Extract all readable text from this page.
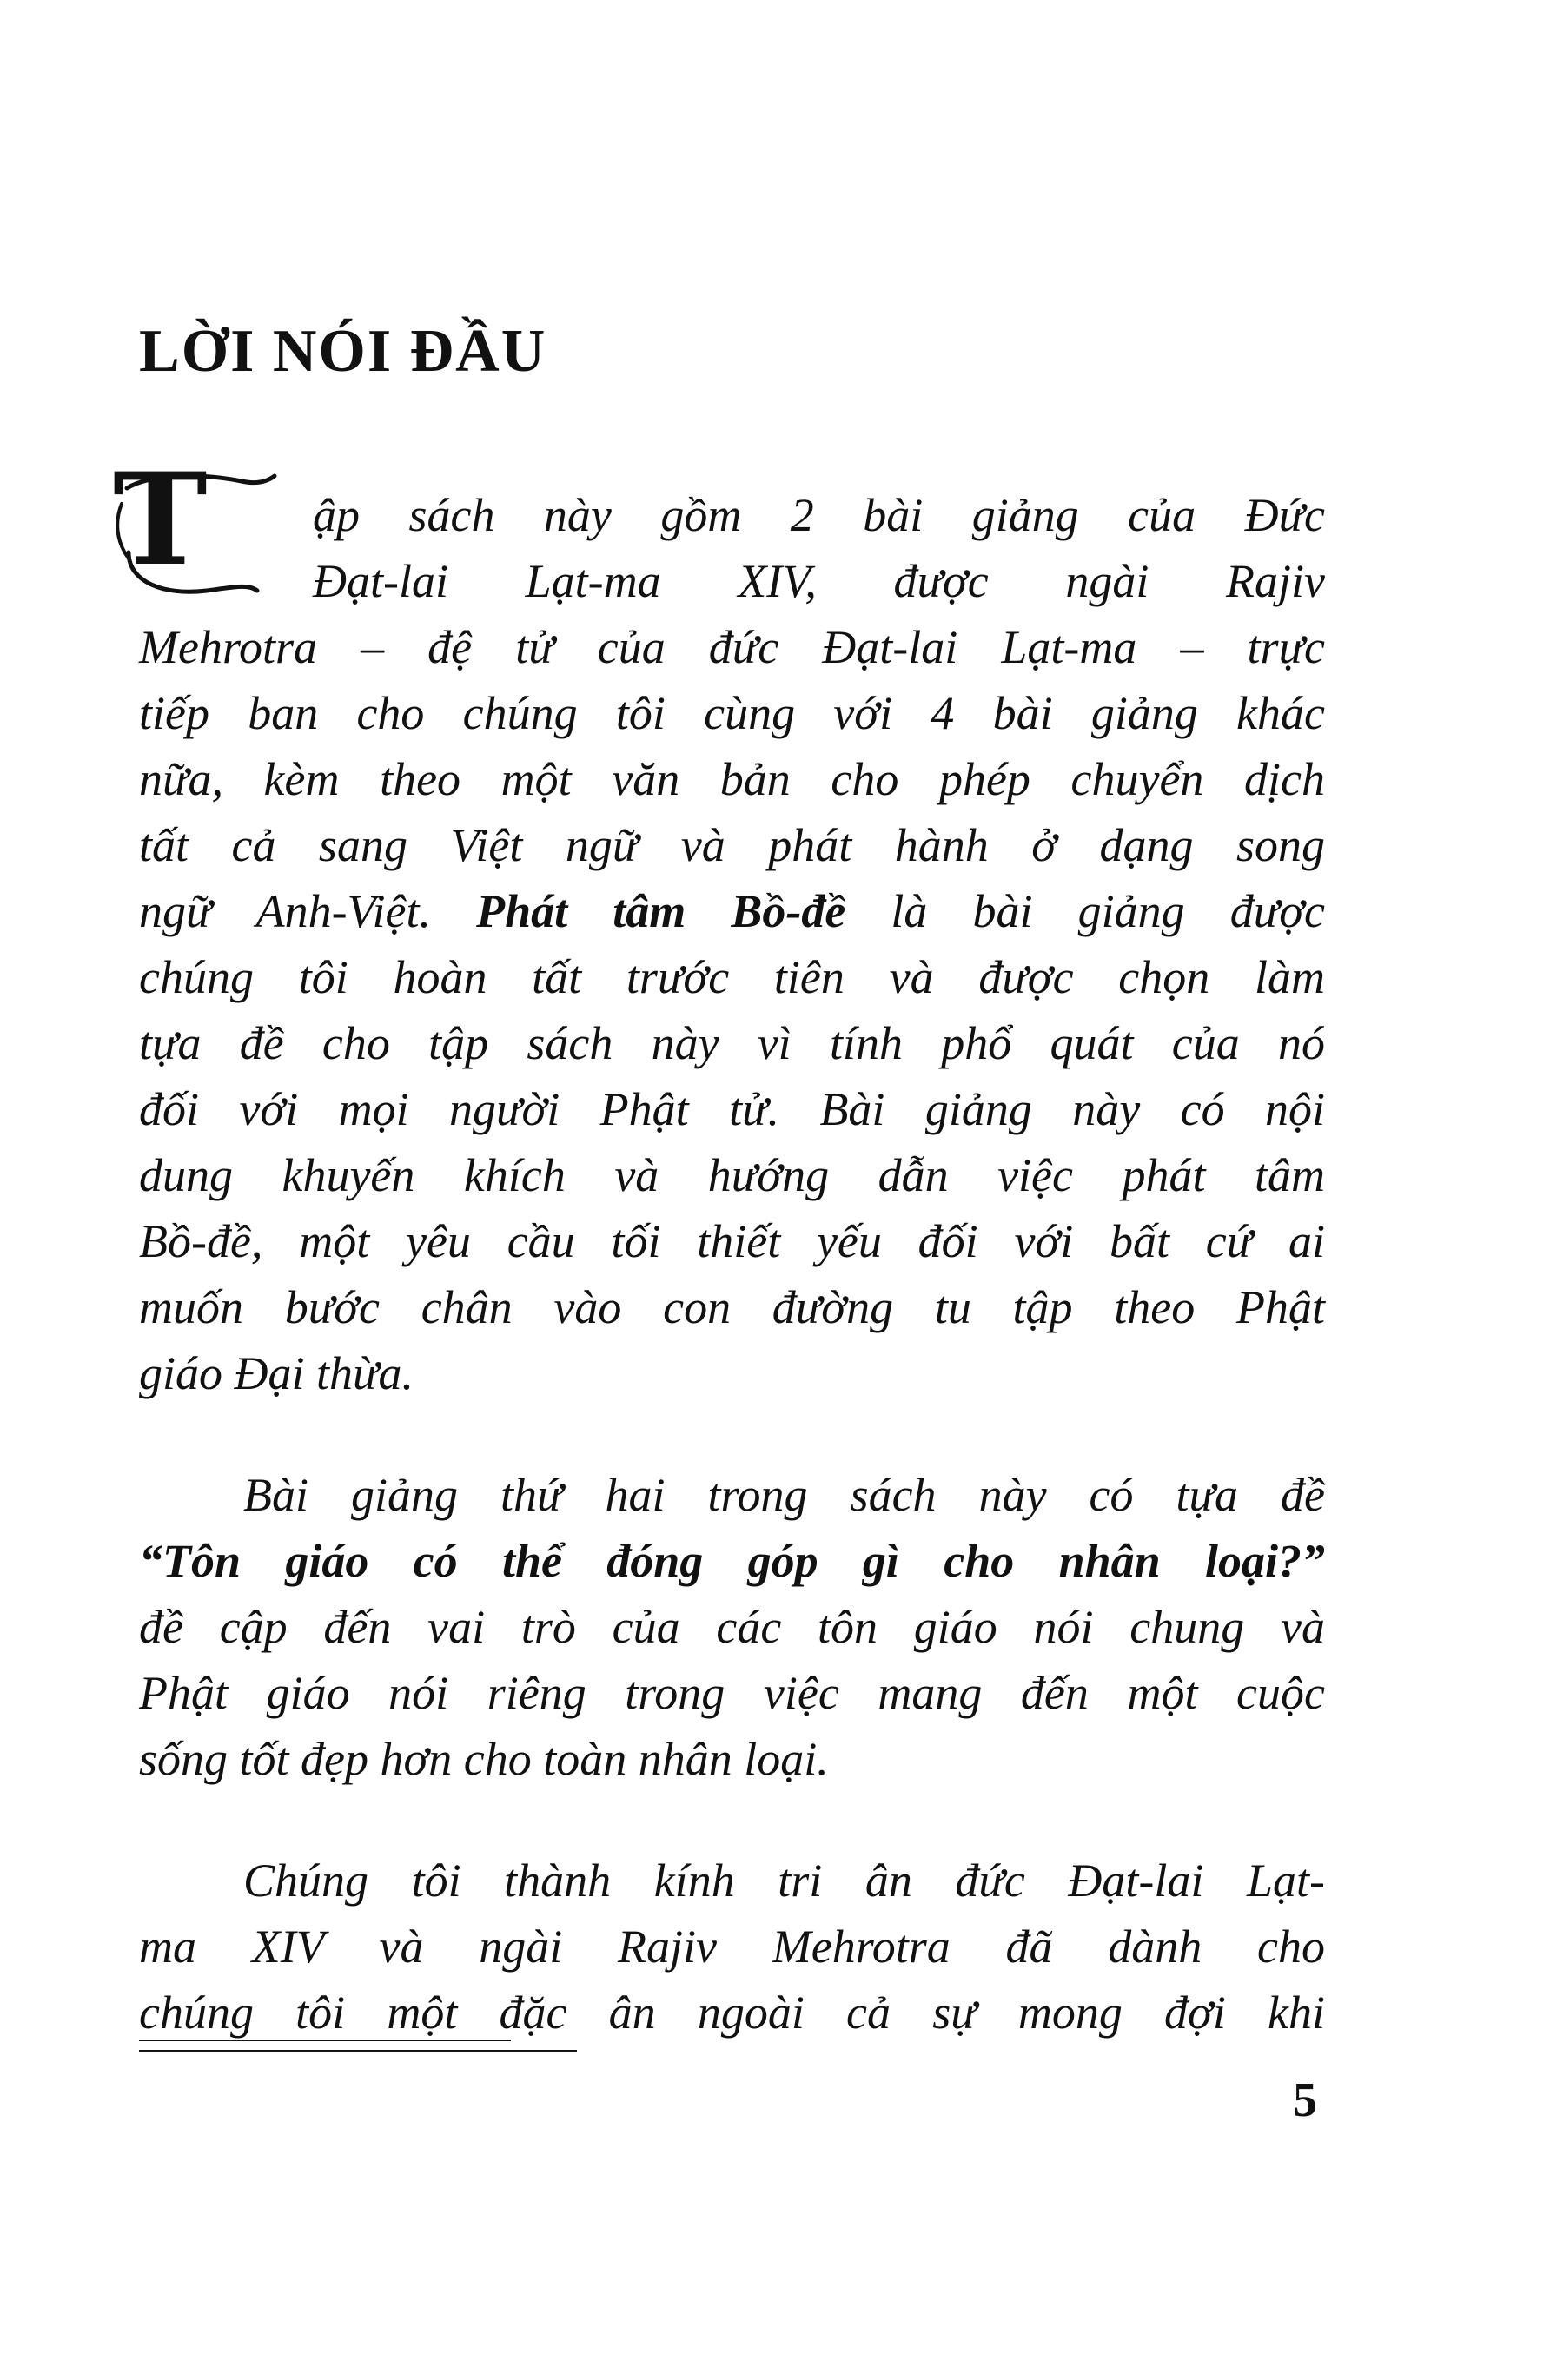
LỜI NÓI ĐẦU
T ập sách này gồm 2 bài giảng của Đức
Đạt-lai Lạt-ma XIV, được ngài Rajiv
Mehrotra – đệ tử của đức Đạt-lai Lạt-ma – trực
tiếp ban cho chúng tôi cùng với 4 bài giảng khác
nữa, kèm theo một văn bản cho phép chuyển dịch
tất cả sang Việt ngữ và phát hành ở dạng song
ngữ Anh-Việt. Phát tâm Bồ-đề là bài giảng được
chúng tôi hoàn tất trước tiên và được chọn làm
tựa đề cho tập sách này vì tính phổ quát của nó
đối với mọi người Phật tử. Bài giảng này có nội
dung khuyến khích và hướng dẫn việc phát tâm
Bồ-đề, một yêu cầu tối thiết yếu đối với bất cứ ai
muốn bước chân vào con đường tu tập theo Phật
giáo Đại thừa.
Bài giảng thứ hai trong sách này có tựa đề
“Tôn giáo có thể đóng góp gì cho nhân loại?”
đề cập đến vai trò của các tôn giáo nói chung và
Phật giáo nói riêng trong việc mang đến một cuộc
sống tốt đẹp hơn cho toàn nhân loại.
Chúng tôi thành kính tri ân đức Đạt-lai Lạt-
ma XIV và ngài Rajiv Mehrotra đã dành cho
chúng tôi một đặc ân ngoài cả sự mong đợi khi
5
